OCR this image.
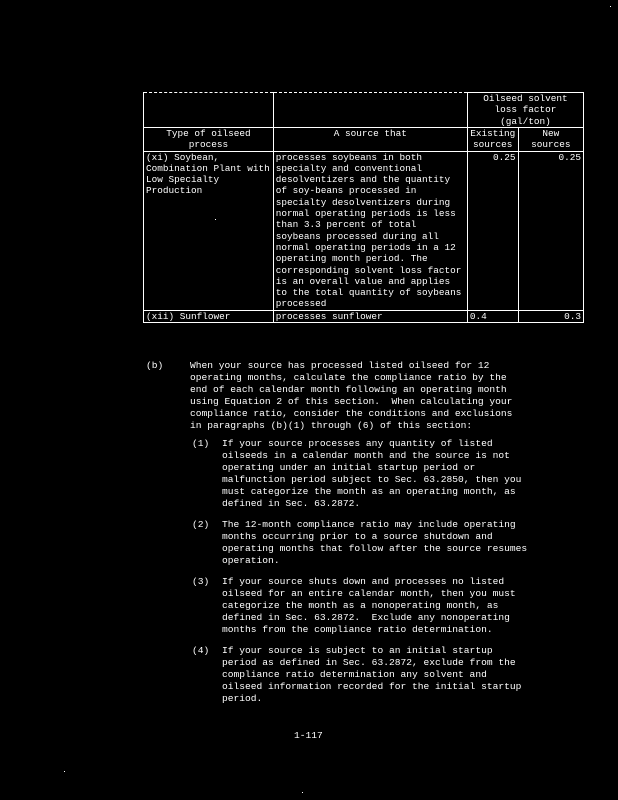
		Oilseed solvent loss factor (gal/ton)	
Type of oilseed process	A source that	Existing sources	New sources
(xi) Soybean, Combination Plant with Low Specialty Production	processes soybeans in both specialty and conventional desolventizers and the quantity of soy-beans processed in specialty desolventizers during normal operating periods is less than 3.3 percent of total soybeans processed during all normal operating periods in a 12 operating month period. The corresponding solvent loss factor is an overall value and applies to the total quantity of soybeans processed	0.25	0.25
(xii) Sunflower	processes sunflower	0.4	0.3
(b)	When your source has processed listed oilseed for 12
operating months, calculate the compliance ratio by the
end of each calendar month following an operating month
using Equation 2 of this section.  When calculating your
compliance ratio, consider the conditions and exclusions
in paragraphs (b)(1) through (6) of this section:
(1) If your source processes any quantity of listed
oilseeds in a calendar month and the source is not
operating under an initial startup period or
malfunction period subject to Sec. 63.2850, then you
must categorize the month as an operating month, as
defined in Sec. 63.2872.
(2) The 12-month compliance ratio may include operating
months occurring prior to a source shutdown and
operating months that follow after the source resumes
operation.
(3) If your source shuts down and processes no listed
oilseed for an entire calendar month, then you must
categorize the month as a nonoperating month, as
defined in Sec. 63.2872.  Exclude any nonoperating
months from the compliance ratio determination.
(4) If your source is subject to an initial startup
period as defined in Sec. 63.2872, exclude from the
compliance ratio determination any solvent and
oilseed information recorded for the initial startup
period.
1-117
